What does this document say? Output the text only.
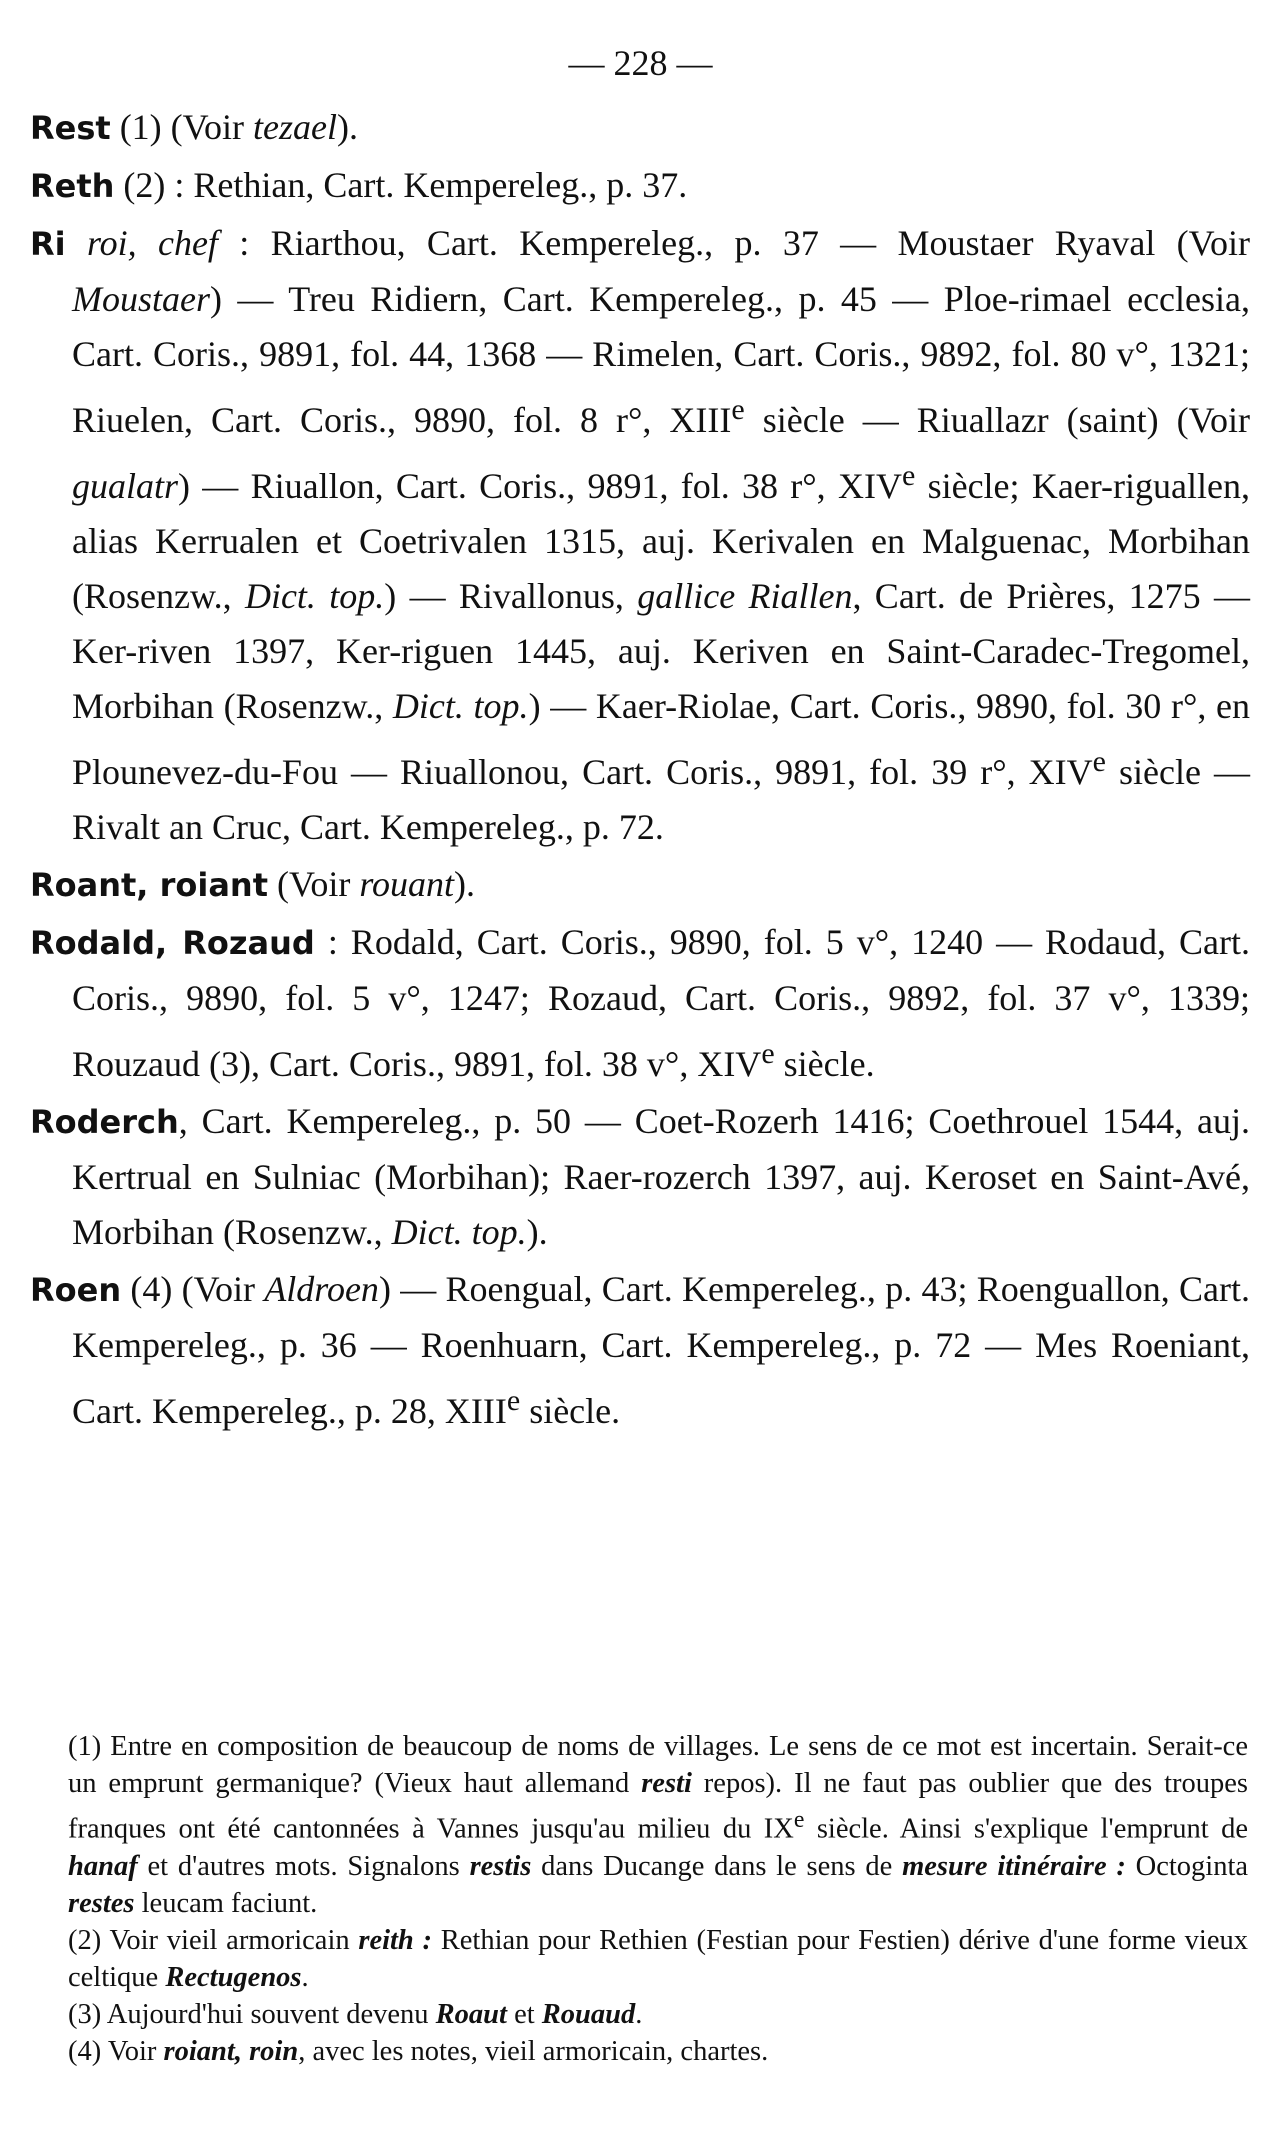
— 228 —

Rest (1) (Voir tezael).

Reth (2) : Rethian, Cart. Kempereleg., p. 37.

Ri roi, chef : Riarthou, Cart. Kempereleg., p. 37 — Moustaer Ryaval (Voir Moustaer) — Treu Ridiern, Cart. Kempereleg., p. 45 — Ploe-rimael ecclesia, Cart. Coris., 9891, fol. 44, 1368 — Rimelen, Cart. Coris., 9892, fol. 80 v°, 1321; Riuelen, Cart. Coris., 9890, fol. 8 r°, XIIIe siècle — Riuallazr (saint) (Voir gualatr) — Riuallon, Cart. Coris., 9891, fol. 38 r°, XIVe siècle; Kaer-riguallen, alias Kerrualen et Coetrivalen 1315, auj. Kerivalen en Malguenac, Morbihan (Rosenzw., Dict. top.) — Rivallonus, gallice Riallen, Cart. de Prières, 1275 — Ker-riven 1397, Ker-riguen 1445, auj. Keriven en Saint-Caradec-Tregomel, Morbihan (Rosenzw., Dict. top.) — Kaer-Riolae, Cart. Coris., 9890, fol. 30 r°, en Plounevez-du-Fou — Riuallonou, Cart. Coris., 9891, fol. 39 r°, XIVe siècle — Rivalt an Cruc, Cart. Kempereleg., p. 72.

Roant, roiant (Voir rouant).

Rodald, Rozaud : Rodald, Cart. Coris., 9890, fol. 5 v°, 1240 — Rodaud, Cart. Coris., 9890, fol. 5 v°, 1247; Rozaud, Cart. Coris., 9892, fol. 37 v°, 1339; Rouzaud (3), Cart. Coris., 9891, fol. 38 v°, XIVe siècle.

Roderch, Cart. Kempereleg., p. 50 — Coet-Rozerh 1416; Coethrouel 1544, auj. Kertrual en Sulniac (Morbihan); Raer-rozerch 1397, auj. Keroset en Saint-Avé, Morbihan (Rosenzw., Dict. top.).

Roen (4) (Voir Aldroen) — Roengual, Cart. Kempereleg., p. 43; Roenguallon, Cart. Kempereleg., p. 36 — Roenhuarn, Cart. Kempereleg., p. 72 — Mes Roeniant, Cart. Kempereleg., p. 28, XIIIe siècle.

(1) Entre en composition de beaucoup de noms de villages. Le sens de ce mot est incertain. Serait-ce un emprunt germanique? (Vieux haut allemand resti repos). Il ne faut pas oublier que des troupes franques ont été cantonnées à Vannes jusqu'au milieu du IXe siècle. Ainsi s'explique l'emprunt de hanaf et d'autres mots. Signalons restis dans Ducange dans le sens de mesure itinéraire : Octoginta restes leucam faciunt.

(2) Voir vieil armoricain reith : Rethian pour Rethien (Festian pour Festien) dérive d'une forme vieux celtique Rectugenos.

(3) Aujourd'hui souvent devenu Roaut et Rouaud.

(4) Voir roiant, roin, avec les notes, vieil armoricain, chartes.
